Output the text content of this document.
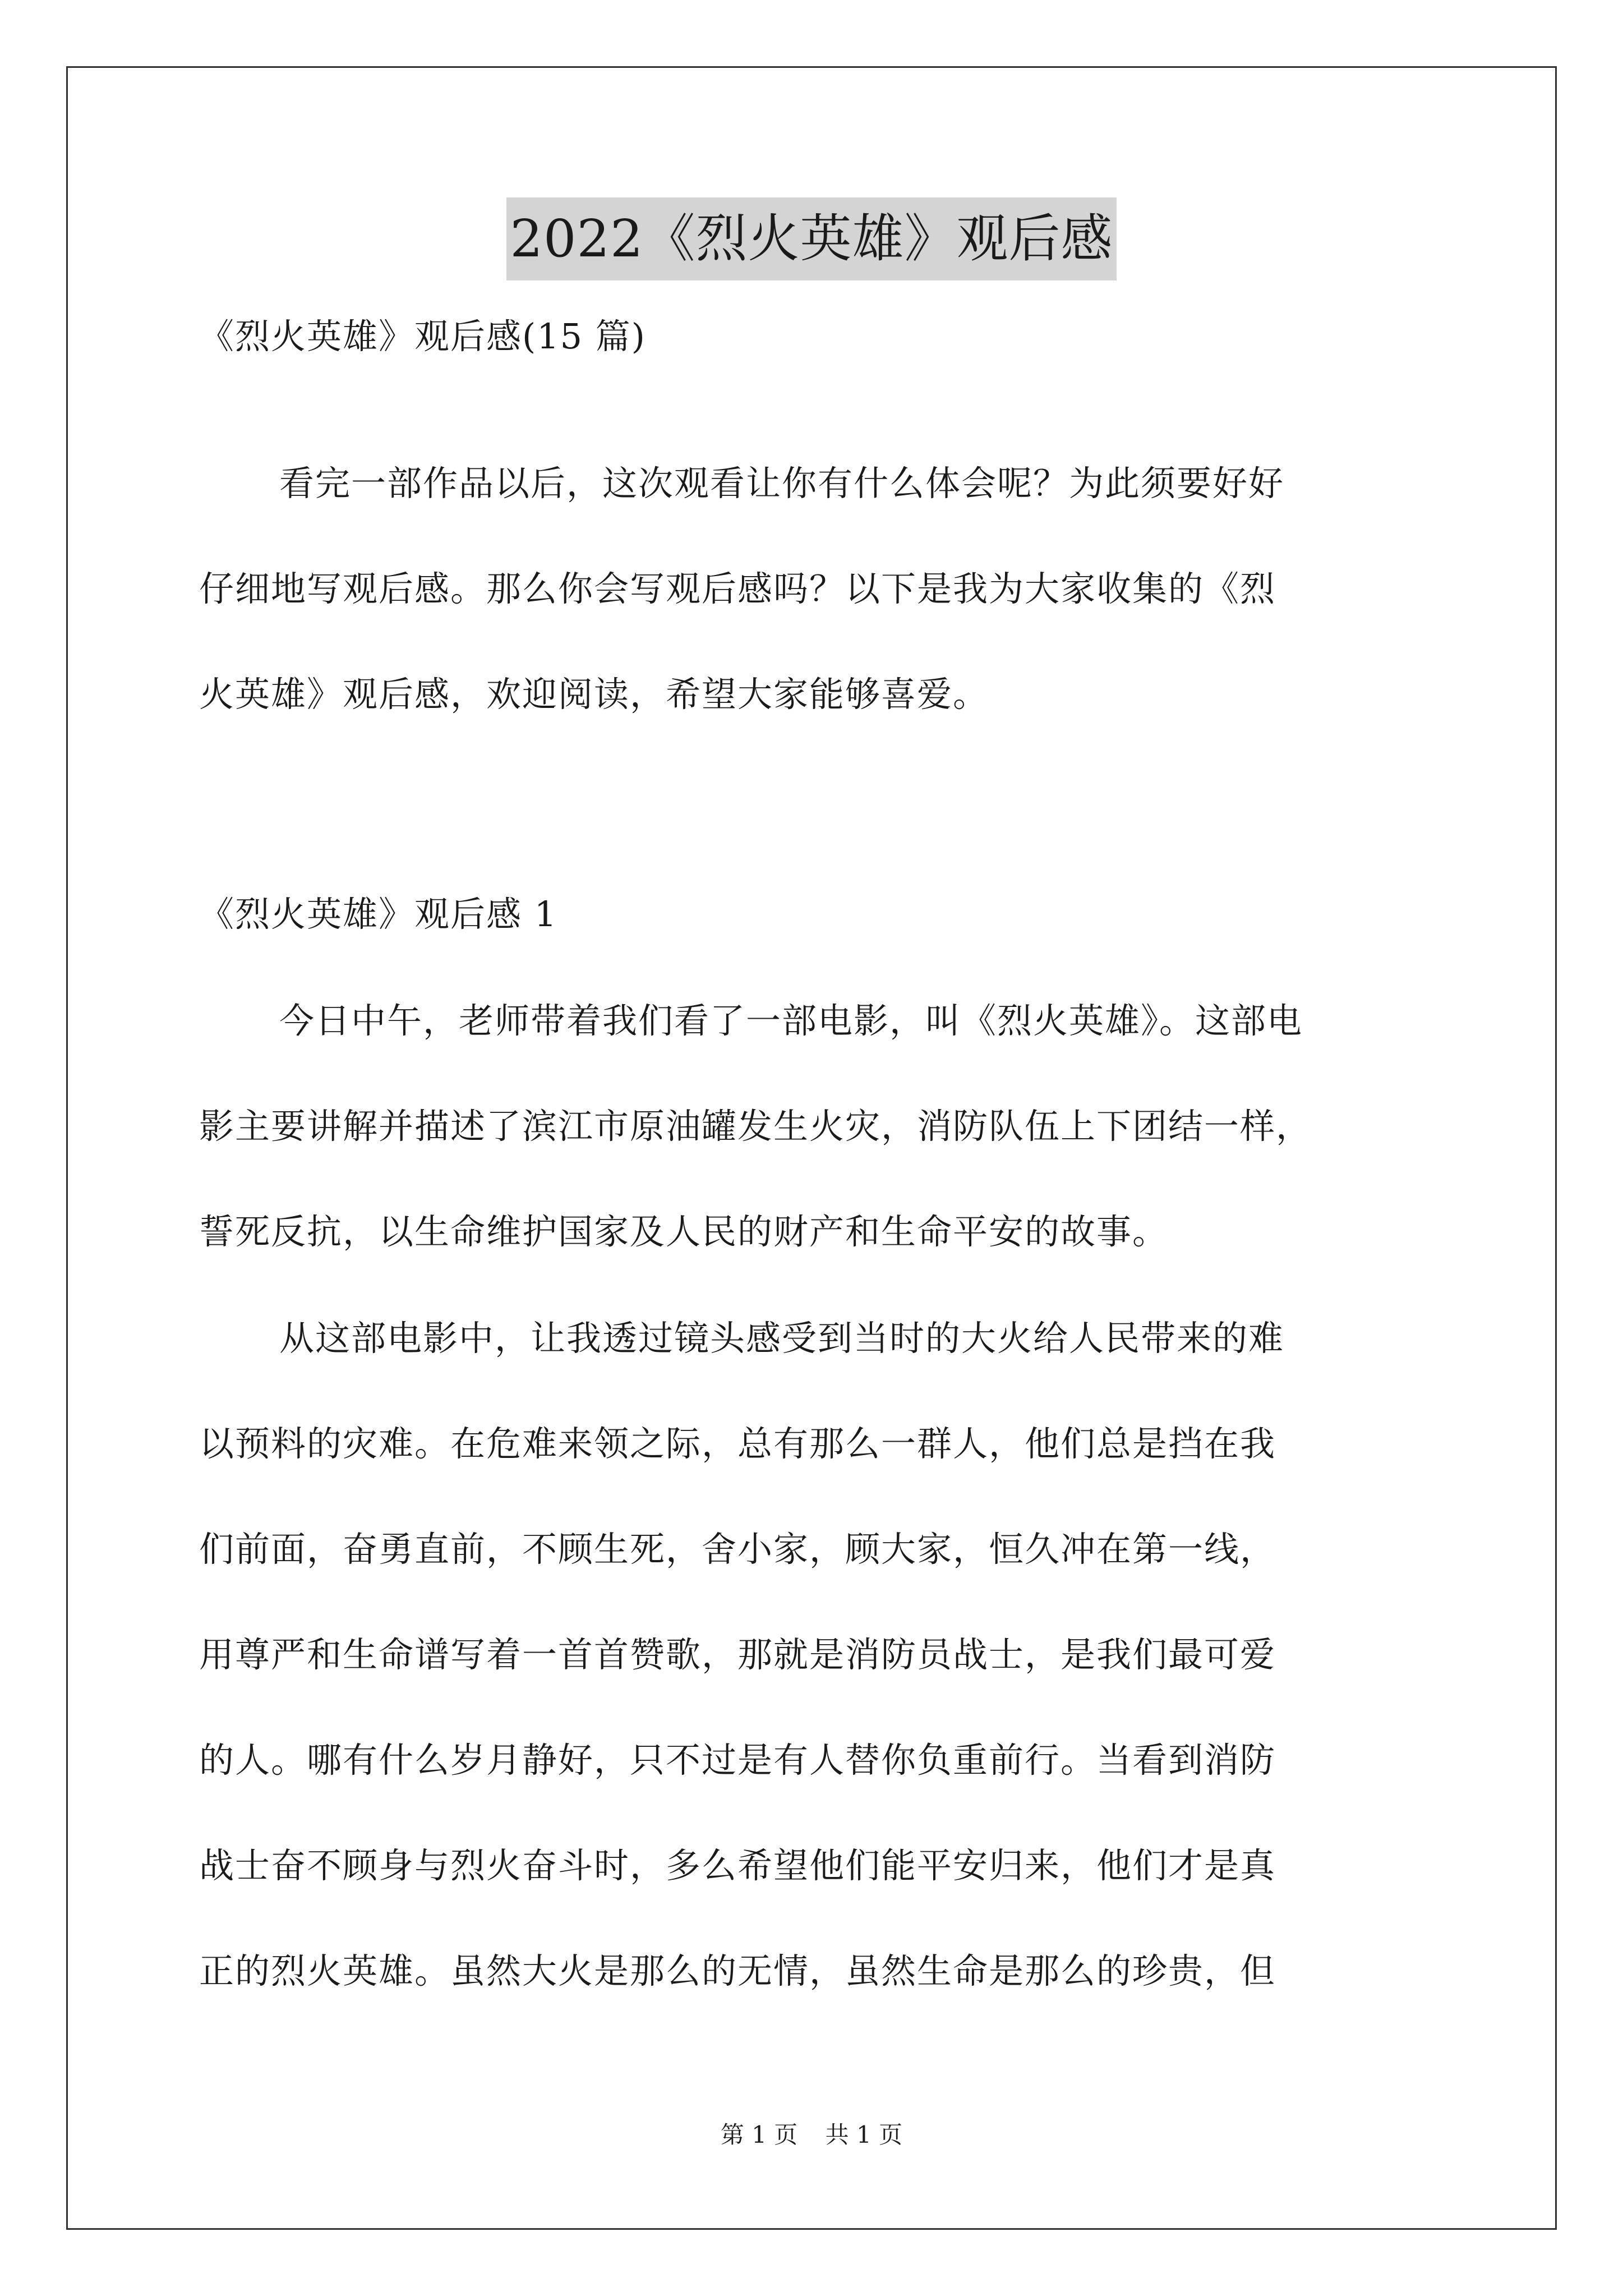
2022《烈火英雄》观后感
《烈火英雄》观后感(15 篇)
看完一部作品以后，这次观看让你有什么体会呢？为此须要好好
仔细地写观后感。那么你会写观后感吗？以下是我为大家收集的《烈
火英雄》观后感，欢迎阅读，希望大家能够喜爱。
《烈火英雄》观后感 1
今日中午，老师带着我们看了一部电影，叫《烈火英雄》。这部电
影主要讲解并描述了滨江市原油罐发生火灾，消防队伍上下团结一样，
誓死反抗，以生命维护国家及人民的财产和生命平安的故事。
从这部电影中，让我透过镜头感受到当时的大火给人民带来的难
以预料的灾难。在危难来领之际，总有那么一群人，他们总是挡在我
们前面，奋勇直前，不顾生死，舍小家，顾大家，恒久冲在第一线，
用尊严和生命谱写着一首首赞歌，那就是消防员战士，是我们最可爱
的人。哪有什么岁月静好，只不过是有人替你负重前行。当看到消防
战士奋不顾身与烈火奋斗时，多么希望他们能平安归来，他们才是真
正的烈火英雄。虽然大火是那么的无情，虽然生命是那么的珍贵，但
第 1 页 共 1 页
